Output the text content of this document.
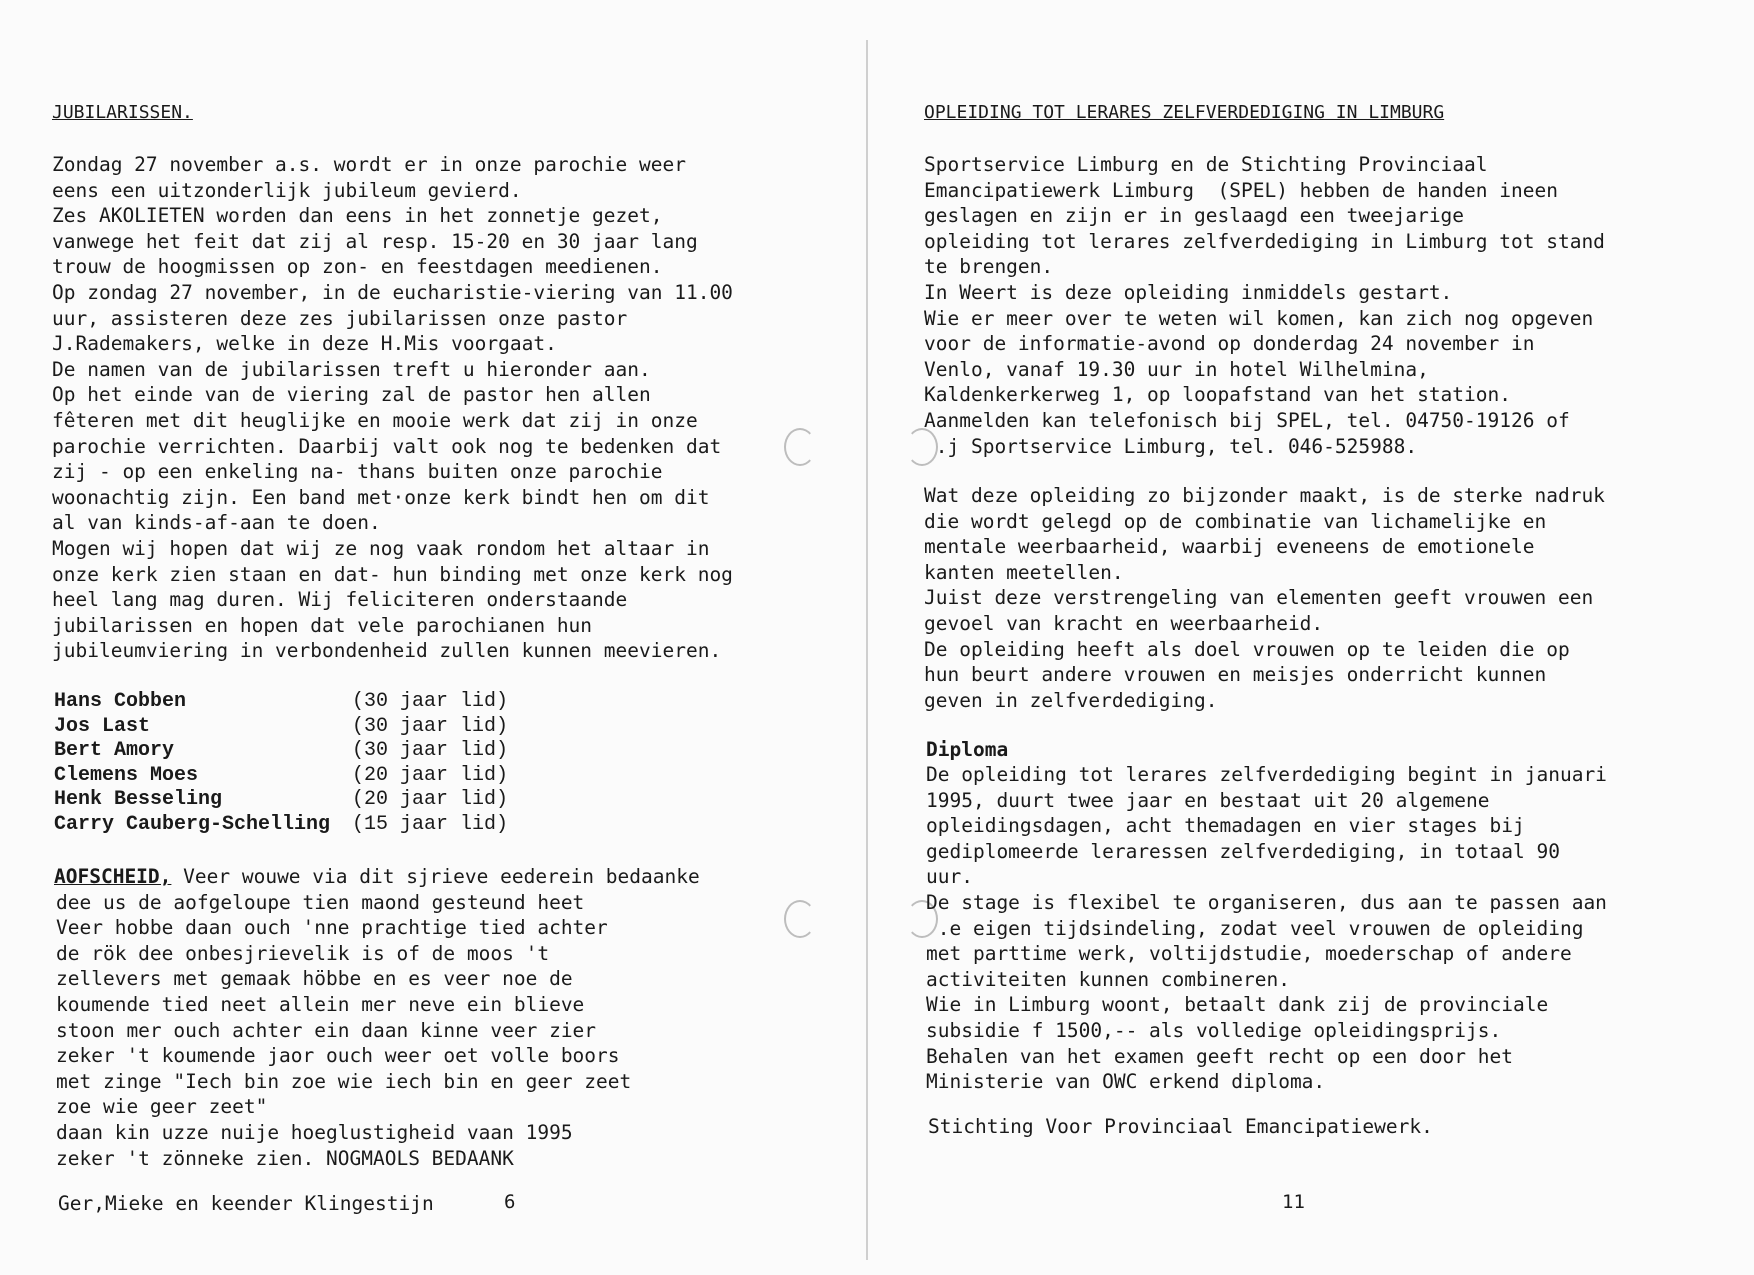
JUBILARISSEN.
Zondag 27 november a.s. wordt er in onze parochie weer
eens een uitzonderlijk jubileum gevierd.
Zes AKOLIETEN worden dan eens in het zonnetje gezet,
vanwege het feit dat zij al resp. 15-20 en 30 jaar lang
trouw de hoogmissen op zon- en feestdagen meedienen.
Op zondag 27 november, in de eucharistie-viering van 11.00
uur, assisteren deze zes jubilarissen onze pastor
J.Rademakers, welke in deze H.Mis voorgaat.
De namen van de jubilarissen treft u hieronder aan.
Op het einde van de viering zal de pastor hen allen
fêteren met dit heuglijke en mooie werk dat zij in onze
parochie verrichten. Daarbij valt ook nog te bedenken dat
zij - op een enkeling na- thans buiten onze parochie
woonachtig zijn. Een band met·onze kerk bindt hen om dit
al van kinds-af-aan te doen.
Mogen wij hopen dat wij ze nog vaak rondom het altaar in
onze kerk zien staan en dat- hun binding met onze kerk nog
heel lang mag duren. Wij feliciteren onderstaande
jubilarissen en hopen dat vele parochianen hun
jubileumviering in verbondenheid zullen kunnen meevieren.
Hans Cobben	(30 jaar lid)
Jos Last	(30 jaar lid)
Bert Amory	(30 jaar lid)
Clemens Moes	(20 jaar lid)
Henk Besseling	(20 jaar lid)
Carry Cauberg-Schelling	(15 jaar lid)
AOFSCHEID, Veer wouwe via dit sjrieve eederein bedaanke
dee us de aofgeloupe tien maond gesteund heet
Veer hobbe daan ouch 'nne prachtige tied achter
de rök dee onbesjrievelik is of de moos 't
zellevers met gemaak höbbe en es veer noe de
koumende tied neet allein mer neve ein blieve
stoon mer ouch achter ein daan kinne veer zier
zeker 't koumende jaor ouch weer oet volle boors
met zinge "Iech bin zoe wie iech bin en geer zeet
zoe wie geer zeet"
daan kin uzze nuije hoeglustigheid vaan 1995
zeker 't zönneke zien. NOGMAOLS BEDAANK
Ger,Mieke en keender Klingestijn	6
OPLEIDING TOT LERARES ZELFVERDEDIGING IN LIMBURG
Sportservice Limburg en de Stichting Provinciaal
Emancipatiewerk Limburg  (SPEL) hebben de handen ineen
geslagen en zijn er in geslaagd een tweejarige
opleiding tot lerares zelfverdediging in Limburg tot stand
te brengen.
In Weert is deze opleiding inmiddels gestart.
Wie er meer over te weten wil komen, kan zich nog opgeven
voor de informatie-avond op donderdag 24 november in
Venlo, vanaf 19.30 uur in hotel Wilhelmina,
Kaldenkerkerweg 1, op loopafstand van het station.
Aanmelden kan telefonisch bij SPEL, tel. 04750-19126 of
.j Sportservice Limburg, tel. 046-525988.
Wat deze opleiding zo bijzonder maakt, is de sterke nadruk
die wordt gelegd op de combinatie van lichamelijke en
mentale weerbaarheid, waarbij eveneens de emotionele
kanten meetellen.
Juist deze verstrengeling van elementen geeft vrouwen een
gevoel van kracht en weerbaarheid.
De opleiding heeft als doel vrouwen op te leiden die op
hun beurt andere vrouwen en meisjes onderricht kunnen
geven in zelfverdediging.
Diploma
De opleiding tot lerares zelfverdediging begint in januari
1995, duurt twee jaar en bestaat uit 20 algemene
opleidingsdagen, acht themadagen en vier stages bij
gediplomeerde leraressen zelfverdediging, in totaal 90
uur.
De stage is flexibel te organiseren, dus aan te passen aan
.e eigen tijdsindeling, zodat veel vrouwen de opleiding
met parttime werk, voltijdstudie, moederschap of andere
activiteiten kunnen combineren.
Wie in Limburg woont, betaalt dank zij de provinciale
subsidie f 1500,-- als volledige opleidingsprijs.
Behalen van het examen geeft recht op een door het
Ministerie van OWC erkend diploma.
Stichting Voor Provinciaal Emancipatiewerk.
11
